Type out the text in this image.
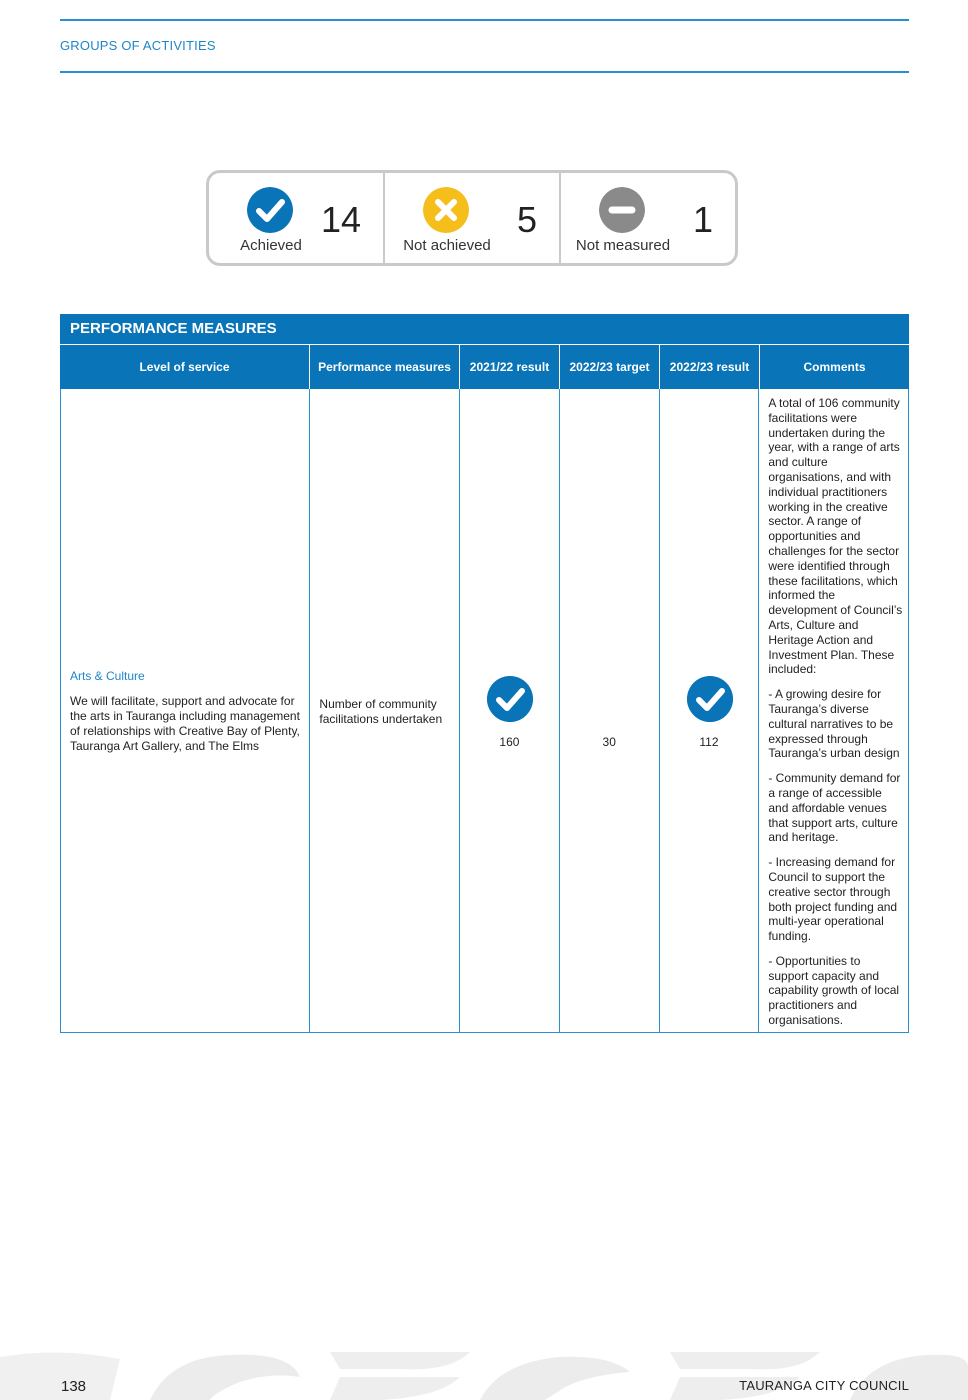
GROUPS OF ACTIVITIES
Achieved
14
Not achieved
5
Not measured
1
PERFORMANCE MEASURES
Level of service	Performance measures	2021/22 result	2022/23 target	2022/23 result	Comments
Arts & Culture
We will facilitate, support and advocate for the arts in Tauranga including management of relationships with Creative Bay of Plenty, Tauranga Art Gallery, and The Elms
Number of community facilitations undertaken
160	30	112

A total of 106 community facilitations were undertaken during the year, with a range of arts and culture organisations, and with individual practitioners working in the creative sector. A range of opportunities and challenges for the sector were identified through these facilitations, which informed the development of Council’s Arts, Culture and Heritage Action and Investment Plan. These included:

- A growing desire for Tauranga’s diverse cultural narratives to be expressed through Tauranga’s urban design

- Community demand for a range of accessible and affordable venues that support arts, culture and heritage.

- Increasing demand for Council to support the creative sector through both project funding and multi-year operational funding.

- Opportunities to support capacity and capability growth of local practitioners and organisations.

138	TAURANGA CITY COUNCIL
